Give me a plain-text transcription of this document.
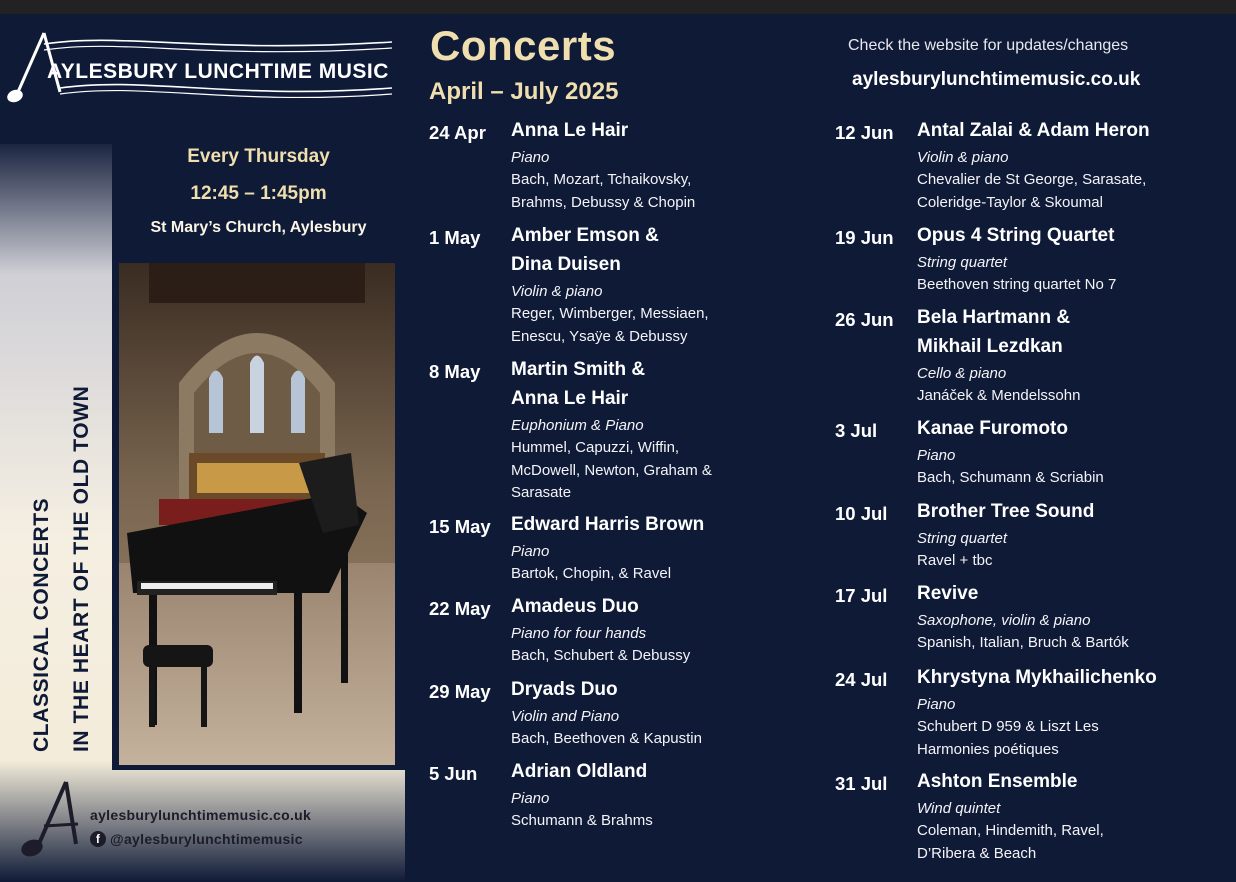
AYLESBURY LUNCHTIME MUSIC
Every Thursday
12:45 – 1:45pm
St Mary’s Church, Aylesbury
CLASSICAL CONCERTS IN THE HEART OF THE OLD TOWN
aylesburylunchtimemusic.co.uk
f @aylesburylunchtimemusic
Concerts
April – July 2025
Check the website for updates/changes
aylesburylunchtimemusic.co.uk
24 Apr Anna Le Hair
Piano
Bach, Mozart, Tchaikovsky,
Brahms, Debussy & Chopin
1 May Amber Emson &
Dina Duisen
Violin & piano
Reger, Wimberger, Messiaen,
Enescu, Ysaÿe & Debussy
8 May Martin Smith &
Anna Le Hair
Euphonium & Piano
Hummel, Capuzzi, Wiffin,
McDowell, Newton, Graham &
Sarasate
15 May Edward Harris Brown
Piano
Bartok, Chopin, & Ravel
22 May Amadeus Duo
Piano for four hands
Bach, Schubert & Debussy
29 May Dryads Duo
Violin and Piano
Bach, Beethoven & Kapustin
5 Jun Adrian Oldland
Piano
Schumann & Brahms
12 Jun Antal Zalai & Adam Heron
Violin & piano
Chevalier de St George, Sarasate,
Coleridge-Taylor & Skoumal
19 Jun Opus 4 String Quartet
String quartet
Beethoven string quartet No 7
26 Jun Bela Hartmann &
Mikhail Lezdkan
Cello & piano
Janáček & Mendelssohn
3 Jul Kanae Furomoto
Piano
Bach, Schumann & Scriabin
10 Jul Brother Tree Sound
String quartet
Ravel + tbc
17 Jul Revive
Saxophone, violin & piano
Spanish, Italian, Bruch & Bartók
24 Jul Khrystyna Mykhailichenko
Piano
Schubert D 959 & Liszt Les
Harmonies poétiques
31 Jul Ashton Ensemble
Wind quintet
Coleman, Hindemith, Ravel,
D’Ribera & Beach
